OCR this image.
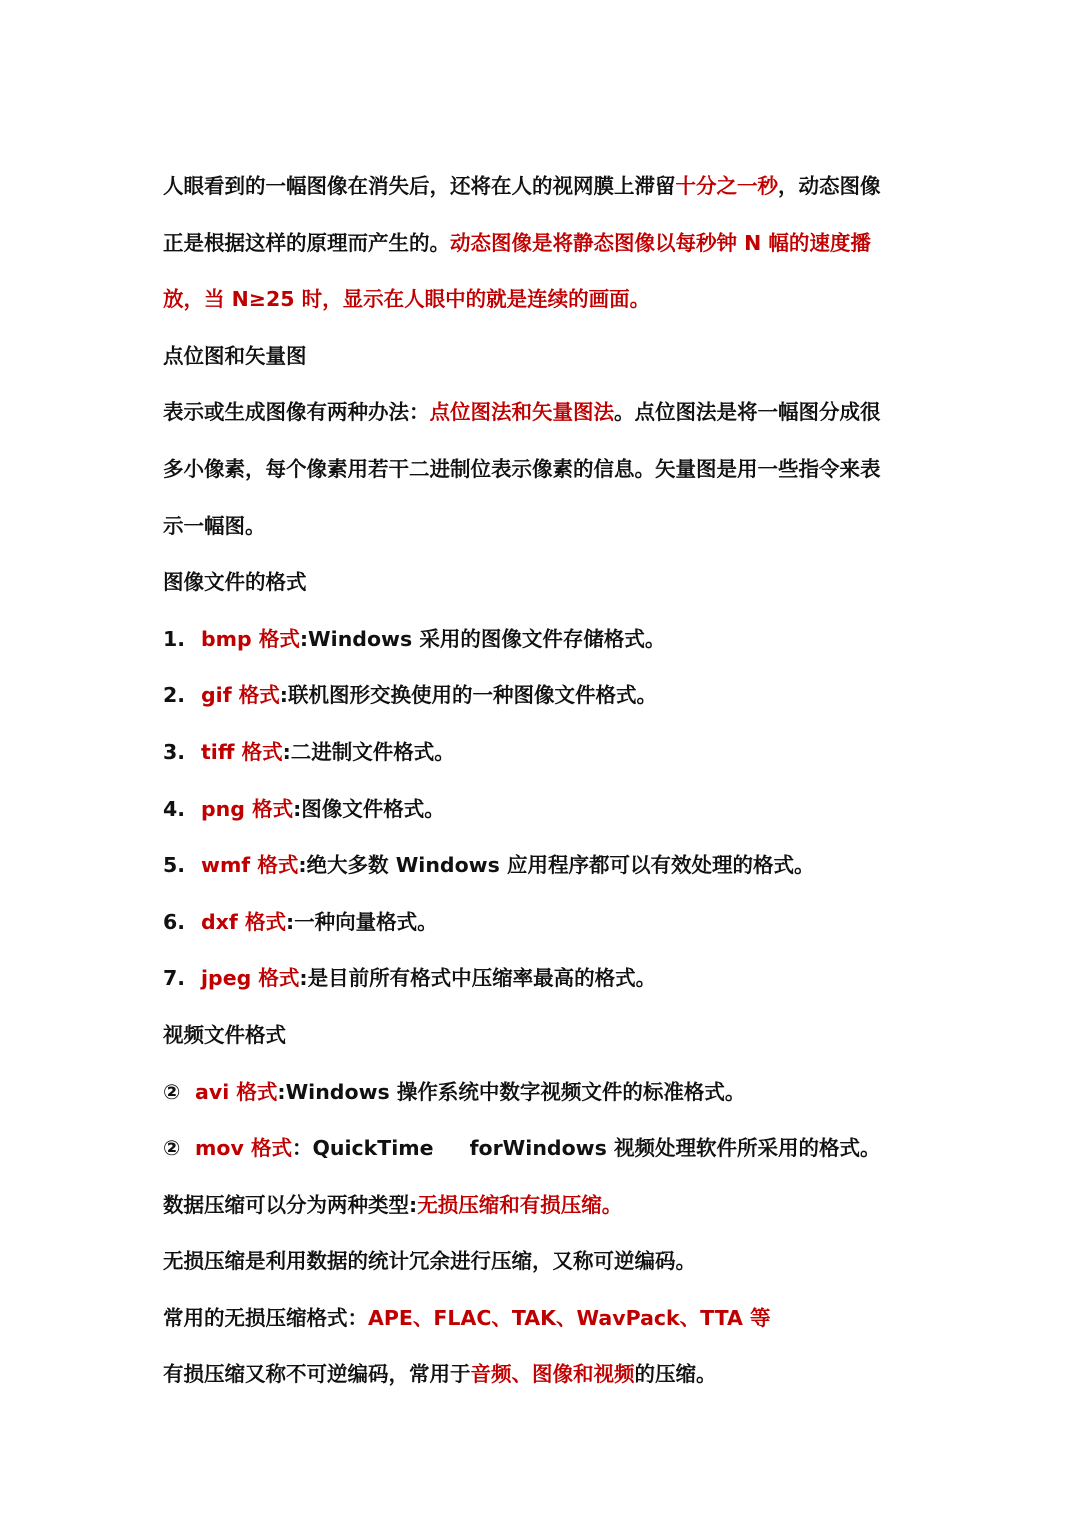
人眼看到的一幅图像在消失后，还将在人的视网膜上滞留十分之一秒，动态图像
正是根据这样的原理而产生的。动态图像是将静态图像以每秒钟 N 幅的速度播
放，当 N≥25 时，显示在人眼中的就是连续的画面。
点位图和矢量图
表示或生成图像有两种办法：点位图法和矢量图法。点位图法是将一幅图分成很
多小像素，每个像素用若干二进制位表示像素的信息。矢量图是用一些指令来表
示一幅图。
图像文件的格式
1. bmp 格式:Windows 采用的图像文件存储格式。
2. gif 格式:联机图形交换使用的一种图像文件格式。
3. tiff 格式:二进制文件格式。
4. png 格式:图像文件格式。
5. wmf 格式:绝大多数 Windows 应用程序都可以有效处理的格式。
6. dxf 格式:一种向量格式。
7. jpeg 格式:是目前所有格式中压缩率最高的格式。
视频文件格式
② avi 格式:Windows 操作系统中数字视频文件的标准格式。
② mov 格式：QuickTime forWindows 视频处理软件所采用的格式。
数据压缩可以分为两种类型:无损压缩和有损压缩。
无损压缩是利用数据的统计冗余进行压缩，又称可逆编码。
常用的无损压缩格式：APE、FLAC、TAK、WavPack、TTA 等
有损压缩又称不可逆编码，常用于音频、图像和视频的压缩。
